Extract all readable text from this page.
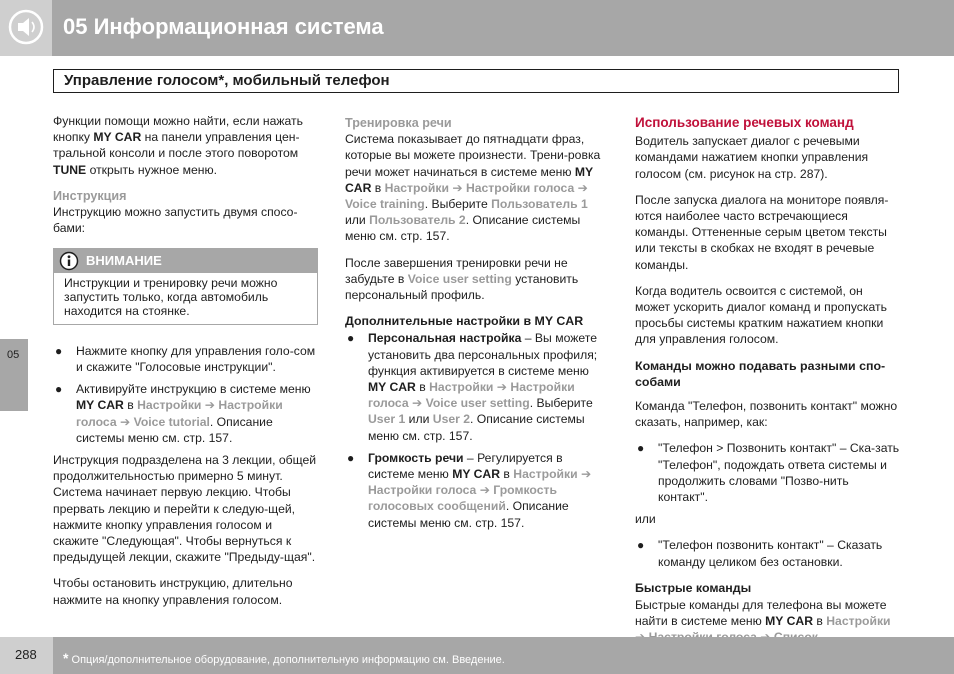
05 Информационная система
Управление голосом*, мобильный телефон
05

Функции помощи можно найти, если нажать кнопку MY CAR на панели управления цен-тральной консоли и после этого поворотом TUNE открыть нужное меню.

Инструкция

Инструкцию можно запустить двумя спосо-бами:

ВНИМАНИЕ
Инструкции и тренировку речи можно запустить только, когда автомобиль находится на стоянке.
● Нажмите кнопку для управления голо-сом и скажите "Голосовые инструкции".
● Активируйте инструкцию в системе меню MY CAR в Настройки ➔ Настройки голоса ➔ Voice tutorial. Описание системы меню см. стр. 157.

Инструкция подразделена на 3 лекции, общей продолжительностью примерно 5 минут. Система начинает первую лекцию. Чтобы прервать лекцию и перейти к следую-щей, нажмите кнопку управления голосом и скажите "Следующая". Чтобы вернуться к предыдущей лекции, скажите "Предыду-щая".

Чтобы остановить инструкцию, длительно нажмите на кнопку управления голосом.

Тренировка речи

Система показывает до пятнадцати фраз, которые вы можете произнести. Трени-ровка речи может начинаться в системе меню MY CAR в Настройки ➔ Настройки голоса ➔ Voice training. Выберите Пользователь 1 или Пользователь 2. Описание системы меню см. стр. 157.

После завершения тренировки речи не забудьте в Voice user setting установить персональный профиль.

Дополнительные настройки в MY CAR
● Персональная настройка – Вы можете установить два персональных профиля; функция активируется в системе меню MY CAR в Настройки ➔ Настройки голоса ➔ Voice user setting. Выберите User 1 или User 2. Описание системы меню см. стр. 157.
● Громкость речи – Регулируется в системе меню MY CAR в Настройки ➔ Настройки голоса ➔ Громкость голосовых сообщений. Описание системы меню см. стр. 157.
Использование речевых команд

Водитель запускает диалог с речевыми командами нажатием кнопки управления голосом (см. рисунок на стр. 287).

После запуска диалога на мониторе появля-ются наиболее часто встречающиеся команды. Оттененные серым цветом тексты или тексты в скобках не входят в речевые команды.

Когда водитель освоится с системой, он может ускорить диалог команд и пропускать просьбы системы кратким нажатием кнопки для управления голосом.

Команды можно подавать разными спо-собами

Команда "Телефон, позвонить контакт" можно сказать, например, как:

● "Телефон > Позвонить контакт" – Ска-зать "Телефон", подождать ответа системы и продолжить словами "Позво-нить контакт".

или

● "Телефон позвонить контакт" – Сказать команду целиком без остановки.
Быстрые команды

Быстрые команды для телефона вы можете найти в системе меню MY CAR в Настройки

288 * Опция/дополнительное оборудование, дополнительную информацию см. Введение.
